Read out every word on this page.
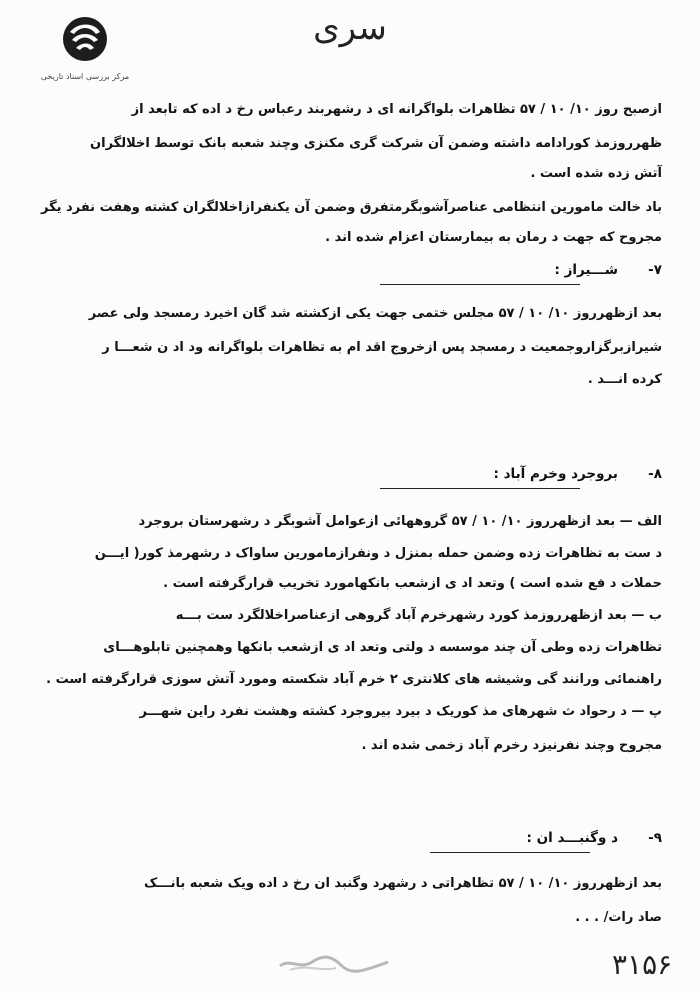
مرکز بررسی اسناد تاریخی
سری
ازصبح روز ۱۰/ ۱۰ / ۵۷ تظاهرات بلواگرانه ای د رشهربند رعباس رخ د اده که تابعد از
ظهرروزمذ کورادامه داشته وضمن آن شرکت گری مکنزی وچند شعبه بانک توسط اخلالگران
آتش زده شده است .
باد خالت مامورین انتظامی عناصرآشوبگرمتفرق وضمن آن یکنفرازاخلالگران کشته وهفت نفرد یگر
مجروح که جهت د رمان به بیمارستان اعزام شده اند .
۷-
شـــیراز :
بعد ازظهرروز ۱۰/ ۱۰ / ۵۷ مجلس ختمی جهت یکی ازکشته شد گان اخیرد رمسجد ولی عصر
شیرازبرگزاروجمعیت د رمسجد پس ازخروج اقد ام به تظاهرات بلواگرانه ود اد ن شعـــا ر
کرده انـــد .
۸-
بروجرد وخرم آباد :
الف — بعد ازظهرروز ۱۰/ ۱۰ / ۵۷ گروههائی ازعوامل آشوبگر د رشهرستان بروجرد
د ست به تظاهرات زده وضمن حمله بمنزل د ونفرازمامورین ساواک د رشهرمذ کور( ایـــن
حملات د فع شده است ) وتعد اد ی ازشعب بانکهامورد تخریب قرارگرفته است .
ب — بعد ازظهرروزمذ کورد رشهرخرم آباد گروهی ازعناصراخلالگرد ست بـــه
تظاهرات زده وطی آن چند موسسه د ولتی وتعد اد ی ازشعب بانکها وهمچنین تابلوهـــای
راهنمائی ورانند گی وشیشه های کلانتری ۲ خرم آباد شکسته ومورد آتش سوزی قرارگرفته است .
پ — د رحواد ث شهرهای مذ کوریک د بیرد بیروجرد کشته وهشت نفرد راین شهـــر
مجروح وچند نفرنیزد رخرم آباد زخمی شده اند .
۹-
د وگنبـــد ان :
بعد ازظهرروز ۱۰/ ۱۰ / ۵۷ تظاهراتی د رشهرد وگنبد ان رخ د اده ویک شعبه بانـــک
صاد رات/ . . .
۳۱۵۶
